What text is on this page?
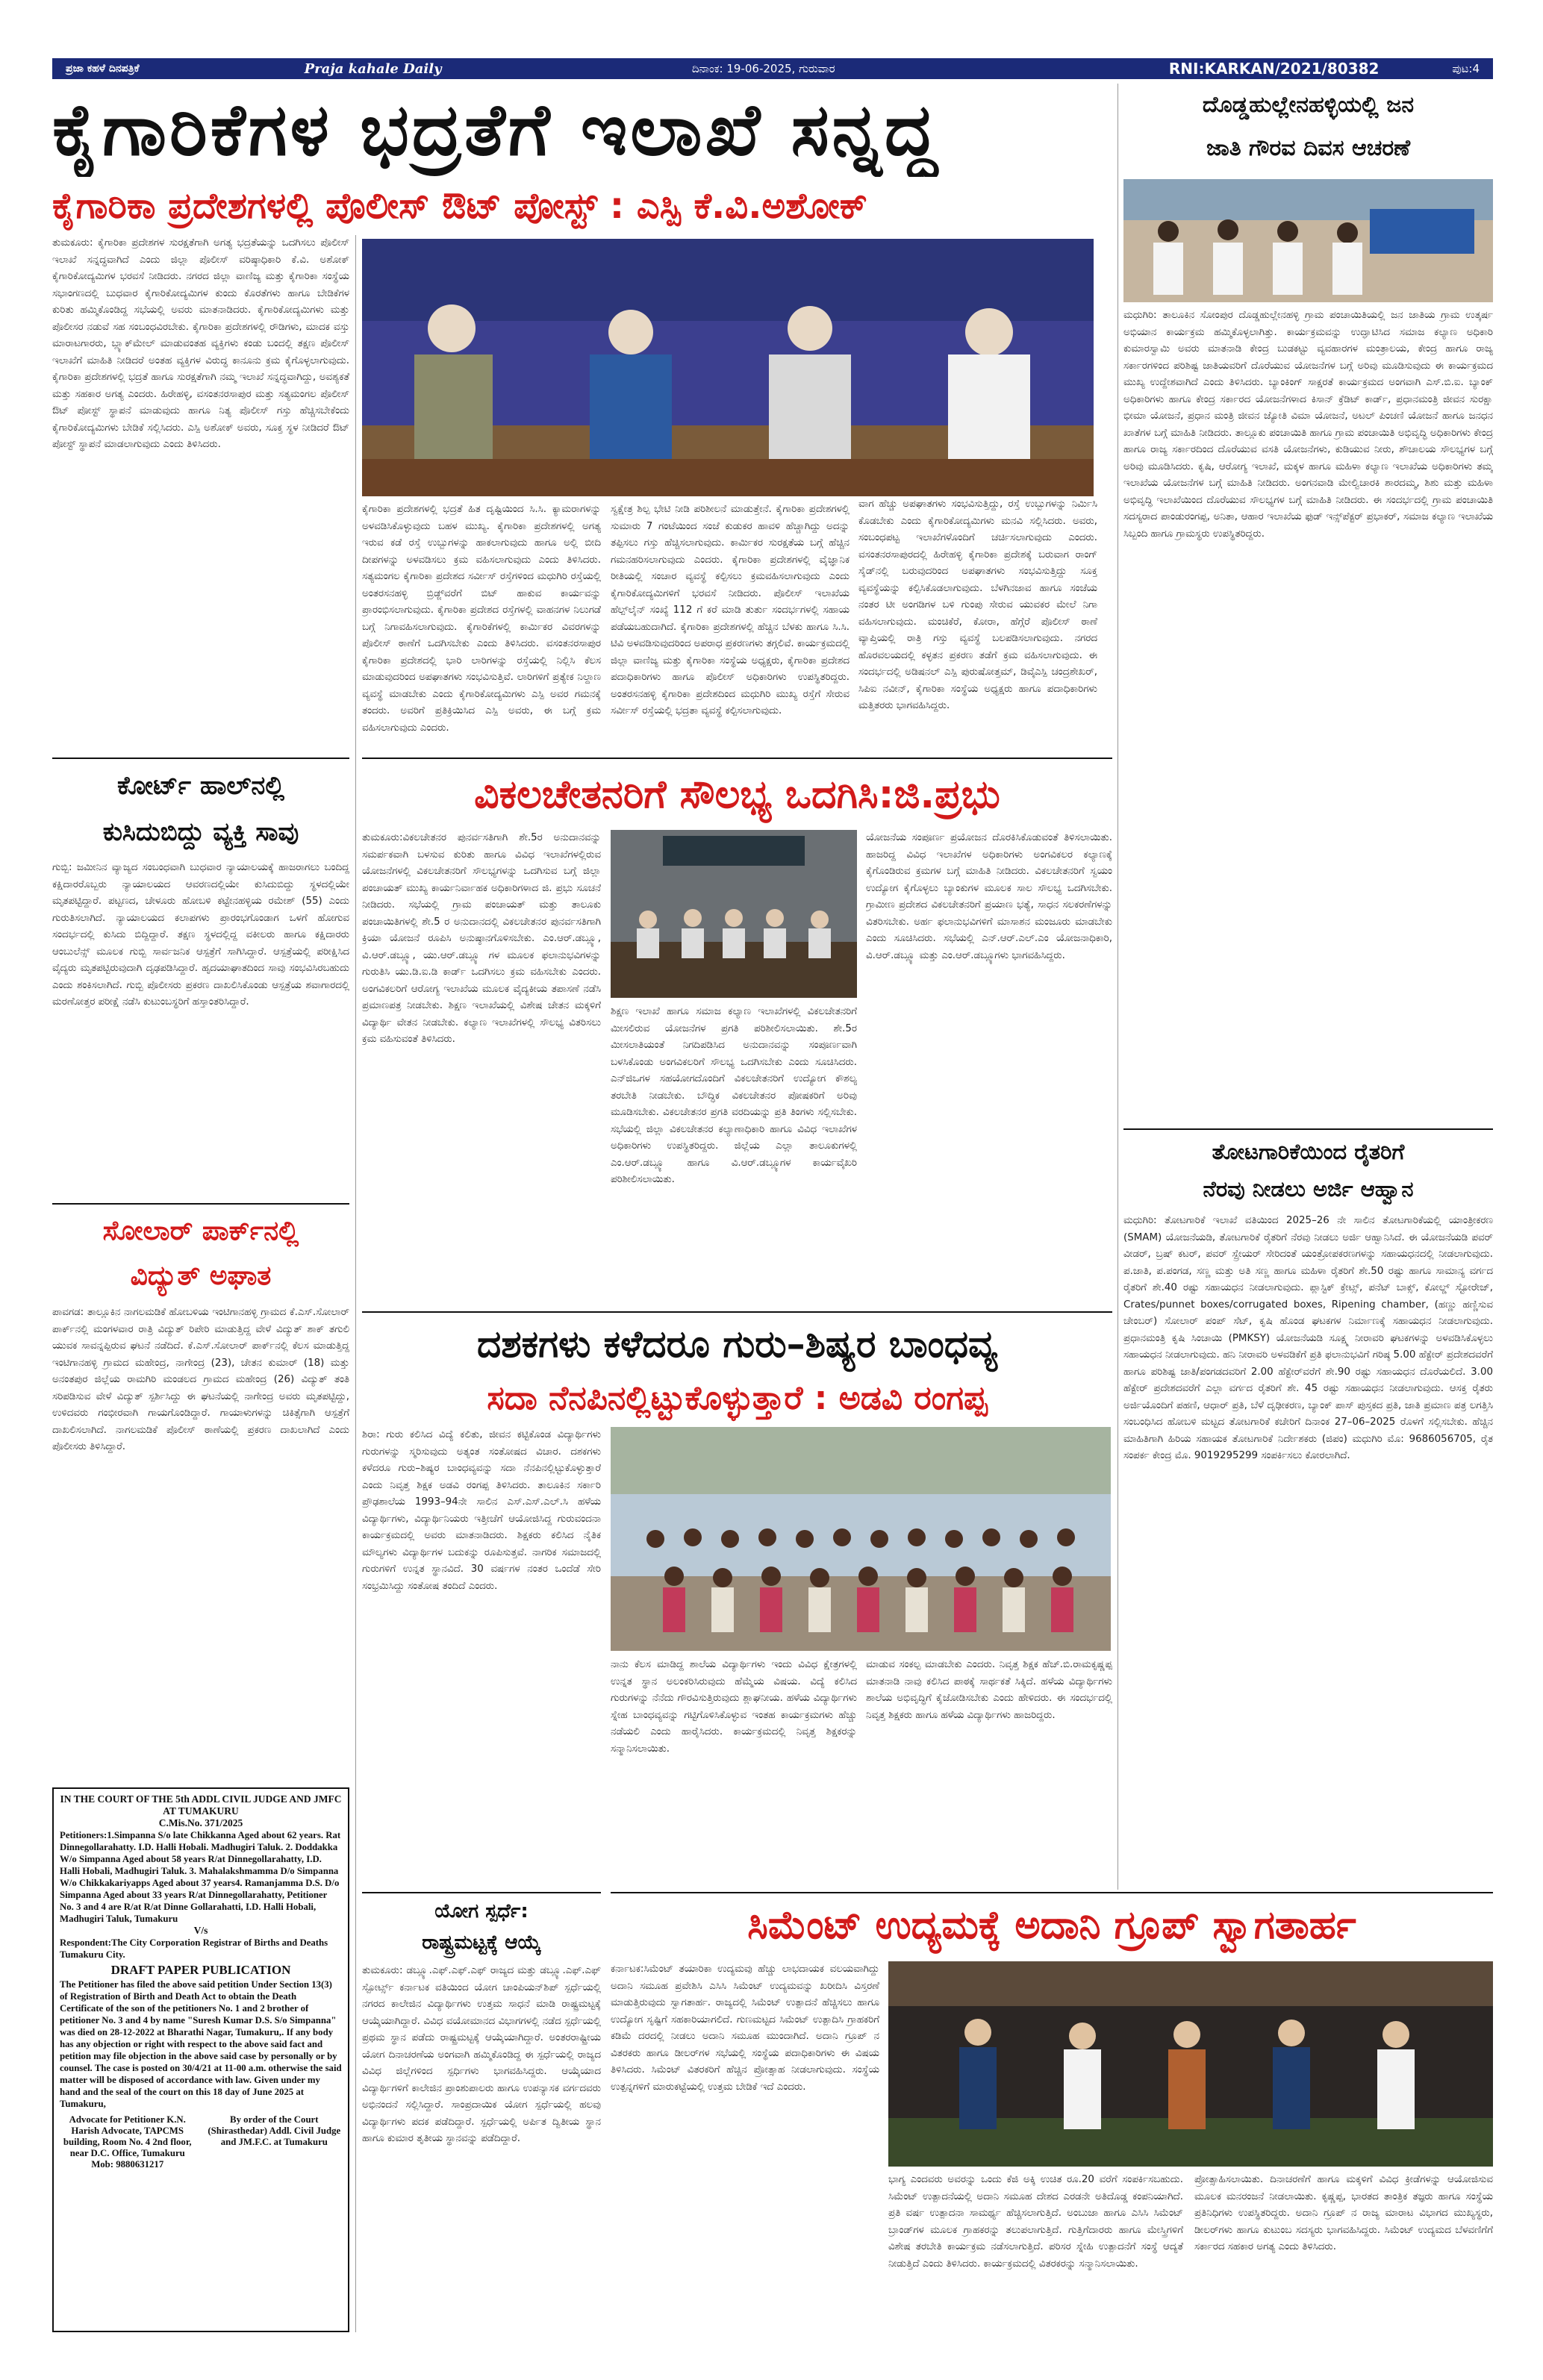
ಪ್ರಜಾ ಕಹಳೆ ದಿನಪತ್ರಿಕೆ	Praja kahale Daily	ದಿನಾಂಕ: 19-06-2025, ಗುರುವಾರ	RNI:KARKAN/2021/80382	ಪುಟ:4
ಕೈಗಾರಿಕೆಗಳ ಭದ್ರತೆಗೆ ಇಲಾಖೆ ಸನ್ನದ್ಧ
ಕೈಗಾರಿಕಾ ಪ್ರದೇಶಗಳಲ್ಲಿ ಪೊಲೀಸ್ ಔಟ್ ಪೋಸ್ಟ್ : ಎಸ್ಪಿ ಕೆ.ವಿ.ಅಶೋಕ್
ತುಮಕೂರು: ಕೈಗಾರಿಕಾ ಪ್ರದೇಶಗಳ ಸುರಕ್ಷತೆಗಾಗಿ ಅಗತ್ಯ ಭದ್ರತೆಯನ್ನು ಒದಗಿಸಲು ಪೊಲೀಸ್ ಇಲಾಖೆ ಸನ್ನದ್ಧವಾಗಿದೆ ಎಂದು ಜಿಲ್ಲಾ ಪೊಲೀಸ್ ವರಿಷ್ಠಾಧಿಕಾರಿ ಕೆ.ವಿ. ಅಶೋಕ್ ಕೈಗಾರಿಕೋದ್ಯಮಿಗಳ ಭರವಸೆ ನೀಡಿದರು. ನಗರದ ಜಿಲ್ಲಾ ವಾಣಿಜ್ಯ ಮತ್ತು ಕೈಗಾರಿಕಾ ಸಂಸ್ಥೆಯ ಸಭಾಂಗಣದಲ್ಲಿ ಬುಧವಾರ ಕೈಗಾರಿಕೋದ್ಯಮಿಗಳ ಕುಂದು ಕೊರತೆಗಳು ಹಾಗೂ ಬೇಡಿಕೆಗಳ ಕುರಿತು ಹಮ್ಮಿಕೊಂಡಿದ್ದ ಸಭೆಯಲ್ಲಿ ಅವರು ಮಾತನಾಡಿದರು. ಕೈಗಾರಿಕೋದ್ಯಮಿಗಳು ಮತ್ತು ಪೊಲೀಸರ ನಡುವೆ ಸಹ ಸಂಬಂಧವಿರಬೇಕು. ಕೈಗಾರಿಕಾ ಪ್ರದೇಶಗಳಲ್ಲಿ ರೌಡಿಗಳು, ಮಾದಕ ವಸ್ತು ಮಾರಾಟಗಾರರು, ಬ್ಲ್ಯಾಕ್‌ಮೇಲ್ ಮಾಡುವಂತಹ ವ್ಯಕ್ತಿಗಳು ಕಂಡು ಬಂದಲ್ಲಿ ತಕ್ಷಣ ಪೊಲೀಸ್ ಇಲಾಖೆಗೆ ಮಾಹಿತಿ ನೀಡಿದರೆ ಅಂತಹ ವ್ಯಕ್ತಿಗಳ ವಿರುದ್ಧ ಕಾನೂನು ಕ್ರಮ ಕೈಗೊಳ್ಳಲಾಗುವುದು. ಕೈಗಾರಿಕಾ ಪ್ರದೇಶಗಳಲ್ಲಿ ಭದ್ರತೆ ಹಾಗೂ ಸುರಕ್ಷತೆಗಾಗಿ ನಮ್ಮ ಇಲಾಖೆ ಸನ್ನದ್ಧವಾಗಿದ್ದು, ಅವಶ್ಯಕತೆ ಮತ್ತು ಸಹಕಾರ ಅಗತ್ಯ ಎಂದರು. ಹಿರೇಹಳ್ಳಿ, ವಸಂತನರಸಾಪುರ ಮತ್ತು ಸತ್ಯಮಂಗಲ ಪೊಲೀಸ್ ಔಟ್ ಪೋಸ್ಟ್ ಸ್ಥಾಪನೆ ಮಾಡುವುದು ಹಾಗೂ ನಿತ್ಯ ಪೊಲೀಸ್ ಗಸ್ತು ಹೆಚ್ಚಿಸಬೇಕೆಂದು ಕೈಗಾರಿಕೋದ್ಯಮಿಗಳು ಬೇಡಿಕೆ ಸಲ್ಲಿಸಿದರು. ಎಸ್ಪಿ ಅಶೋಕ್ ಅವರು, ಸೂಕ್ತ ಸ್ಥಳ ನೀಡಿದರೆ ಔಟ್ ಪೋಸ್ಟ್ ಸ್ಥಾಪನೆ ಮಾಡಲಾಗುವುದು ಎಂದು ತಿಳಿಸಿದರು.
ಕೈಗಾರಿಕಾ ಪ್ರದೇಶಗಳಲ್ಲಿ ಭದ್ರತೆ ಹಿತ ದೃಷ್ಟಿಯಿಂದ ಸಿ.ಸಿ. ಕ್ಯಾಮರಾಗಳನ್ನು ಅಳವಡಿಸಿಕೊಳ್ಳುವುದು ಬಹಳ ಮುಖ್ಯ. ಕೈಗಾರಿಕಾ ಪ್ರದೇಶಗಳಲ್ಲಿ ಅಗತ್ಯ ಇರುವ ಕಡೆ ರಸ್ತೆ ಉಬ್ಬುಗಳನ್ನು ಹಾಕಲಾಗುವುದು ಹಾಗೂ ಅಲ್ಲಿ ಬೀದಿ ದೀಪಗಳನ್ನು ಅಳವಡಿಸಲು ಕ್ರಮ ವಹಿಸಲಾಗುವುದು ಎಂದು ತಿಳಿಸಿದರು. ಸತ್ಯಮಂಗಲ ಕೈಗಾರಿಕಾ ಪ್ರದೇಶದ ಸರ್ವೀಸ್ ರಸ್ತೆಗಳಿಂದ ಮಧುಗಿರಿ ರಸ್ತೆಯಲ್ಲಿ ಅಂತರಸನಹಳ್ಳಿ ಬ್ರಿಡ್ಜ್‌ವರೆಗೆ ಬಿಟ್ ಹಾಕುವ ಕಾರ್ಯವನ್ನು ಪ್ರಾರಂಭಿಸಲಾಗುವುದು. ಕೈಗಾರಿಕಾ ಪ್ರದೇಶದ ರಸ್ತೆಗಳಲ್ಲಿ ವಾಹನಗಳ ನಿಲುಗಡೆ ಬಗ್ಗೆ ನಿಗಾವಹಿಸಲಾಗುವುದು. ಕೈಗಾರಿಕೆಗಳಲ್ಲಿ ಕಾರ್ಮಿಕರ ವಿವರಗಳನ್ನು ಪೊಲೀಸ್ ಠಾಣೆಗೆ ಒದಗಿಸಬೇಕು ಎಂದು ತಿಳಿಸಿದರು. ವಸಂತನರಸಾಪುರ ಕೈಗಾರಿಕಾ ಪ್ರದೇಶದಲ್ಲಿ ಭಾರಿ ಲಾರಿಗಳನ್ನು ರಸ್ತೆಯಲ್ಲಿ ನಿಲ್ಲಿಸಿ ಕೆಲಸ ಮಾಡುವುದರಿಂದ ಅಪಘಾತಗಳು ಸಂಭವಿಸುತ್ತಿವೆ. ಲಾರಿಗಳಿಗೆ ಪ್ರತ್ಯೇಕ ನಿಲ್ದಾಣ ವ್ಯವಸ್ಥೆ ಮಾಡಬೇಕು ಎಂದು ಕೈಗಾರಿಕೋದ್ಯಮಿಗಳು ಎಸ್ಪಿ ಅವರ ಗಮನಕ್ಕೆ ತಂದರು. ಅವರಿಗೆ ಪ್ರತಿಕ್ರಿಯಿಸಿದ ಎಸ್ಪಿ ಅವರು, ಈ ಬಗ್ಗೆ ಕ್ರಮ ವಹಿಸಲಾಗುವುದು ಎಂದರು.
ಸ್ವಕ್ಷೇತ್ರ ಶಿಲ್ಪ ಭೇಟಿ ನೀಡಿ ಪರಿಶೀಲನೆ ಮಾಡುತ್ತೇನೆ. ಕೈಗಾರಿಕಾ ಪ್ರದೇಶಗಳಲ್ಲಿ ಸುಮಾರು 7 ಗಂಟೆಯಿಂದ ಸಂಜೆ ಕುಡುಕರ ಹಾವಳಿ ಹೆಚ್ಚಾಗಿದ್ದು ಅದನ್ನು ತಪ್ಪಿಸಲು ಗಸ್ತು ಹೆಚ್ಚಿಸಲಾಗುವುದು. ಕಾರ್ಮಿಕರ ಸುರಕ್ಷತೆಯ ಬಗ್ಗೆ ಹೆಚ್ಚಿನ ಗಮನಹರಿಸಲಾಗುವುದು ಎಂದರು. ಕೈಗಾರಿಕಾ ಪ್ರದೇಶಗಳಲ್ಲಿ ವೈಜ್ಞಾನಿಕ ರೀತಿಯಲ್ಲಿ ಸಂಚಾರ ವ್ಯವಸ್ಥೆ ಕಲ್ಪಿಸಲು ಕ್ರಮವಹಿಸಲಾಗುವುದು ಎಂದು ಕೈಗಾರಿಕೋದ್ಯಮಿಗಳಿಗೆ ಭರವಸೆ ನೀಡಿದರು. ಪೊಲೀಸ್ ಇಲಾಖೆಯ ಹೆಲ್ಪ್‌ಲೈನ್ ಸಂಖ್ಯೆ 112 ಗೆ ಕರೆ ಮಾಡಿ ತುರ್ತು ಸಂದರ್ಭಗಳಲ್ಲಿ ಸಹಾಯ ಪಡೆಯಬಹುದಾಗಿದೆ. ಕೈಗಾರಿಕಾ ಪ್ರದೇಶಗಳಲ್ಲಿ ಹೆಚ್ಚಿನ ಬೆಳಕು ಹಾಗೂ ಸಿ.ಸಿ. ಟಿವಿ ಅಳವಡಿಸುವುದರಿಂದ ಅಪರಾಧ ಪ್ರಕರಣಗಳು ತಗ್ಗಲಿವೆ. ಕಾರ್ಯಕ್ರಮದಲ್ಲಿ ಜಿಲ್ಲಾ ವಾಣಿಜ್ಯ ಮತ್ತು ಕೈಗಾರಿಕಾ ಸಂಸ್ಥೆಯ ಅಧ್ಯಕ್ಷರು, ಕೈಗಾರಿಕಾ ಪ್ರದೇಶದ ಪದಾಧಿಕಾರಿಗಳು ಹಾಗೂ ಪೊಲೀಸ್ ಅಧಿಕಾರಿಗಳು ಉಪಸ್ಥಿತರಿದ್ದರು. ಅಂತರಸನಹಳ್ಳಿ ಕೈಗಾರಿಕಾ ಪ್ರದೇಶದಿಂದ ಮಧುಗಿರಿ ಮುಖ್ಯ ರಸ್ತೆಗೆ ಸೇರುವ ಸರ್ವೀಸ್ ರಸ್ತೆಯಲ್ಲಿ ಭದ್ರತಾ ವ್ಯವಸ್ಥೆ ಕಲ್ಪಿಸಲಾಗುವುದು.
ವಾಗ ಹೆಚ್ಚು ಅಪಘಾತಗಳು ಸಂಭವಿಸುತ್ತಿದ್ದು, ರಸ್ತೆ ಉಬ್ಬುಗಳನ್ನು ನಿರ್ಮಿಸಿ ಕೊಡಬೇಕು ಎಂದು ಕೈಗಾರಿಕೋದ್ಯಮಿಗಳು ಮನವಿ ಸಲ್ಲಿಸಿದರು. ಅವರು, ಸಂಬಂಧಪಟ್ಟ ಇಲಾಖೆಗಳೊಂದಿಗೆ ಚರ್ಚಿಸಲಾಗುವುದು ಎಂದರು. ವಸಂತನರಸಾಪುರದಲ್ಲಿ ಹಿರೇಹಳ್ಳಿ ಕೈಗಾರಿಕಾ ಪ್ರದೇಶಕ್ಕೆ ಬರುವಾಗ ರಾಂಗ್ ಸೈಡ್‌ನಲ್ಲಿ ಬರುವುದರಿಂದ ಅಪಘಾತಗಳು ಸಂಭವಿಸುತ್ತಿದ್ದು ಸೂಕ್ತ ವ್ಯವಸ್ಥೆಯನ್ನು ಕಲ್ಪಿಸಿಕೊಡಲಾಗುವುದು. ಬೆಳಗಿನಜಾವ ಹಾಗೂ ಸಂಜೆಯ ನಂತರ ಟೀ ಅಂಗಡಿಗಳ ಬಳಿ ಗುಂಪು ಸೇರುವ ಯುವಕರ ಮೇಲೆ ನಿಗಾ ವಹಿಸಲಾಗುವುದು. ಮಂಚಿಕೆರೆ, ಕೋರಾ, ಹೆಗ್ಗೆರೆ ಪೊಲೀಸ್ ಠಾಣೆ ವ್ಯಾಪ್ತಿಯಲ್ಲಿ ರಾತ್ರಿ ಗಸ್ತು ವ್ಯವಸ್ಥೆ ಬಲಪಡಿಸಲಾಗುವುದು. ನಗರದ ಹೊರವಲಯದಲ್ಲಿ ಕಳ್ಳತನ ಪ್ರಕರಣ ತಡೆಗೆ ಕ್ರಮ ವಹಿಸಲಾಗುವುದು. ಈ ಸಂದರ್ಭದಲ್ಲಿ ಅಡಿಷನಲ್ ಎಸ್ಪಿ ಪುರುಷೋತ್ತಮ್, ಡಿವೈಎಸ್ಪಿ ಚಂದ್ರಶೇಖರ್, ಸಿಪಿಐ ನವೀನ್, ಕೈಗಾರಿಕಾ ಸಂಸ್ಥೆಯ ಅಧ್ಯಕ್ಷರು ಹಾಗೂ ಪದಾಧಿಕಾರಿಗಳು ಮತ್ತಿತರರು ಭಾಗವಹಿಸಿದ್ದರು.
ದೊಡ್ಡಹುಲ್ಲೇನಹಳ್ಳಿಯಲ್ಲಿ ಜನ
ಜಾತಿ ಗೌರವ ದಿವಸ ಆಚರಣೆ
ಮಧುಗಿರಿ: ತಾಲೂಕಿನ ಸೋಂಪುರ ದೊಡ್ಡಹುಲ್ಲೇನಹಳ್ಳಿ ಗ್ರಾಮ ಪಂಚಾಯಿತಿಯಲ್ಲಿ ಜನ ಜಾತಿಯ ಗ್ರಾಮ ಉತ್ಕರ್ಷ ಅಭಿಯಾನ ಕಾರ್ಯಕ್ರಮ ಹಮ್ಮಿಕೊಳ್ಳಲಾಗಿತ್ತು. ಕಾರ್ಯಕ್ರಮವನ್ನು ಉದ್ಘಾಟಿಸಿದ ಸಮಾಜ ಕಲ್ಯಾಣ ಅಧಿಕಾರಿ ಕುಮಾರಸ್ವಾಮಿ ಅವರು ಮಾತನಾಡಿ ಕೇಂದ್ರ ಬುಡಕಟ್ಟು ವ್ಯವಹಾರಗಳ ಮಂತ್ರಾಲಯ, ಕೇಂದ್ರ ಹಾಗೂ ರಾಜ್ಯ ಸರ್ಕಾರಗಳಿಂದ ಪರಿಶಿಷ್ಟ ಜಾತಿಯವರಿಗೆ ದೊರೆಯುವ ಯೋಜನೆಗಳ ಬಗ್ಗೆ ಅರಿವು ಮೂಡಿಸುವುದು ಈ ಕಾರ್ಯಕ್ರಮದ ಮುಖ್ಯ ಉದ್ದೇಶವಾಗಿದೆ ಎಂದು ತಿಳಿಸಿದರು. ಬ್ಯಾಂಕಿಂಗ್ ಸಾಕ್ಷರತೆ ಕಾರ್ಯಕ್ರಮದ ಅಂಗವಾಗಿ ಎಸ್.ಬಿ.ಐ. ಬ್ಯಾಂಕ್ ಅಧಿಕಾರಿಗಳು ಹಾಗೂ ಕೇಂದ್ರ ಸರ್ಕಾರದ ಯೋಜನೆಗಳಾದ ಕಿಸಾನ್ ಕ್ರೆಡಿಟ್ ಕಾರ್ಡ್, ಪ್ರಧಾನಮಂತ್ರಿ ಜೀವನ ಸುರಕ್ಷಾ ಭೀಮಾ ಯೋಜನೆ, ಪ್ರಧಾನ ಮಂತ್ರಿ ಜೀವನ ಜ್ಯೋತಿ ವಿಮಾ ಯೋಜನೆ, ಅಟಲ್ ಪಿಂಚಣಿ ಯೋಜನೆ ಹಾಗೂ ಜನಧನ ಖಾತೆಗಳ ಬಗ್ಗೆ ಮಾಹಿತಿ ನೀಡಿದರು. ತಾಲ್ಲೂಕು ಪಂಚಾಯಿತಿ ಹಾಗೂ ಗ್ರಾಮ ಪಂಚಾಯಿತಿ ಅಭಿವೃದ್ಧಿ ಅಧಿಕಾರಿಗಳು ಕೇಂದ್ರ ಹಾಗೂ ರಾಜ್ಯ ಸರ್ಕಾರದಿಂದ ದೊರೆಯುವ ವಸತಿ ಯೋಜನೆಗಳು, ಕುಡಿಯುವ ನೀರು, ಶೌಚಾಲಯ ಸೌಲಭ್ಯಗಳ ಬಗ್ಗೆ ಅರಿವು ಮೂಡಿಸಿದರು. ಕೃಷಿ, ಆರೋಗ್ಯ ಇಲಾಖೆ, ಮಕ್ಕಳ ಹಾಗೂ ಮಹಿಳಾ ಕಲ್ಯಾಣ ಇಲಾಖೆಯ ಅಧಿಕಾರಿಗಳು ತಮ್ಮ ಇಲಾಖೆಯ ಯೋಜನೆಗಳ ಬಗ್ಗೆ ಮಾಹಿತಿ ನೀಡಿದರು. ಅಂಗನವಾಡಿ ಮೇಲ್ವಿಚಾರಕಿ ಶಾರದಮ್ಮ, ಶಿಶು ಮತ್ತು ಮಹಿಳಾ ಅಭಿವೃದ್ಧಿ ಇಲಾಖೆಯಿಂದ ದೊರೆಯುವ ಸೌಲಭ್ಯಗಳ ಬಗ್ಗೆ ಮಾಹಿತಿ ನೀಡಿದರು. ಈ ಸಂದರ್ಭದಲ್ಲಿ ಗ್ರಾಮ ಪಂಚಾಯಿತಿ ಸದಸ್ಯರಾದ ಪಾಂಡುರಂಗಪ್ಪ, ಅನಿತಾ, ಆಹಾರ ಇಲಾಖೆಯ ಫುಡ್ ಇನ್ಸ್‌ಪೆಕ್ಟರ್ ಪ್ರಭಾಕರ್, ಸಮಾಜ ಕಲ್ಯಾಣ ಇಲಾಖೆಯ ಸಿಬ್ಬಂದಿ ಹಾಗೂ ಗ್ರಾಮಸ್ಥರು ಉಪಸ್ಥಿತರಿದ್ದರು.
ತೋಟಗಾರಿಕೆಯಿಂದ ರೈತರಿಗೆ
ನೆರವು ನೀಡಲು ಅರ್ಜಿ ಆಹ್ವಾನ
ಮಧುಗಿರಿ: ತೋಟಗಾರಿಕೆ ಇಲಾಖೆ ವತಿಯಿಂದ 2025–26 ನೇ ಸಾಲಿನ ತೋಟಗಾರಿಕೆಯಲ್ಲಿ ಯಾಂತ್ರೀಕರಣ (SMAM) ಯೋಜನೆಯಡಿ, ತೋಟಗಾರಿಕೆ ರೈತರಿಗೆ ನೆರವು ನೀಡಲು ಅರ್ಜಿ ಆಹ್ವಾನಿಸಿದೆ. ಈ ಯೋಜನೆಯಡಿ ಪವರ್ ವೀಡರ್, ಬ್ರಷ್ ಕಟರ್, ಪವರ್ ಸ್ಪ್ರೇಯರ್ ಸೇರಿದಂತೆ ಯಂತ್ರೋಪಕರಣಗಳನ್ನು ಸಹಾಯಧನದಲ್ಲಿ ನೀಡಲಾಗುವುದು. ಪ.ಜಾತಿ, ಪ.ಪಂಗಡ, ಸಣ್ಣ ಮತ್ತು ಅತಿ ಸಣ್ಣ ಹಾಗೂ ಮಹಿಳಾ ರೈತರಿಗೆ ಶೇ.50 ರಷ್ಟು ಹಾಗೂ ಸಾಮಾನ್ಯ ವರ್ಗದ ರೈತರಿಗೆ ಶೇ.40 ರಷ್ಟು ಸಹಾಯಧನ ನೀಡಲಾಗುವುದು. ಪ್ಲಾಸ್ಟಿಕ್ ಕ್ರೇಟ್ಸ್, ಪನೆಟ್ ಬಾಕ್ಸ್, ಕೋಲ್ಡ್ ಸ್ಟೋರೇಜ್, Crates/punnet boxes/corrugated boxes, Ripening chamber, (ಹಣ್ಣು ಹಣ್ಣಿಸುವ ಚೇಂಬರ್) ಸೋಲಾರ್ ಪಂಪ್ ಸೆಟ್, ಕೃಷಿ ಹೊಂಡ ಘಟಕಗಳ ನಿರ್ಮಾಣಕ್ಕೆ ಸಹಾಯಧನ ನೀಡಲಾಗುವುದು. ಪ್ರಧಾನಮಂತ್ರಿ ಕೃಷಿ ಸಿಂಚಾಯಿ (PMKSY) ಯೋಜನೆಯಡಿ ಸೂಕ್ಷ್ಮ ನೀರಾವರಿ ಘಟಕಗಳನ್ನು ಅಳವಡಿಸಿಕೊಳ್ಳಲು ಸಹಾಯಧನ ನೀಡಲಾಗುವುದು. ಹನಿ ನೀರಾವರಿ ಅಳವಡಿಕೆಗೆ ಪ್ರತಿ ಫಲಾನುಭವಿಗೆ ಗರಿಷ್ಠ 5.00 ಹೆಕ್ಟೇರ್ ಪ್ರದೇಶದವರೆಗೆ ಹಾಗೂ ಪರಿಶಿಷ್ಟ ಜಾತಿ/ಪಂಗಡದವರಿಗೆ 2.00 ಹೆಕ್ಟೇರ್‌ವರೆಗೆ ಶೇ.90 ರಷ್ಟು ಸಹಾಯಧನ ದೊರೆಯಲಿದೆ. 3.00 ಹೆಕ್ಟೇರ್ ಪ್ರದೇಶದವರೆಗೆ ಎಲ್ಲಾ ವರ್ಗದ ರೈತರಿಗೆ ಶೇ. 45 ರಷ್ಟು ಸಹಾಯಧನ ನೀಡಲಾಗುವುದು. ಆಸಕ್ತ ರೈತರು ಅರ್ಜಿಯೊಂದಿಗೆ ಪಹಣಿ, ಆಧಾರ್ ಪ್ರತಿ, ಬೆಳೆ ದೃಢೀಕರಣ, ಬ್ಯಾಂಕ್ ಪಾಸ್ ಪುಸ್ತಕದ ಪ್ರತಿ, ಜಾತಿ ಪ್ರಮಾಣ ಪತ್ರ ಲಗತ್ತಿಸಿ ಸಂಬಂಧಿಸಿದ ಹೋಬಳಿ ಮಟ್ಟದ ತೋಟಗಾರಿಕೆ ಕಚೇರಿಗೆ ದಿನಾಂಕ 27–06–2025 ರೊಳಗೆ ಸಲ್ಲಿಸಬೇಕು. ಹೆಚ್ಚಿನ ಮಾಹಿತಿಗಾಗಿ ಹಿರಿಯ ಸಹಾಯಕ ತೋಟಗಾರಿಕೆ ನಿರ್ದೇಶಕರು (ಜಿಪಂ) ಮಧುಗಿರಿ ಮೊ: 9686056705, ರೈತ ಸಂಪರ್ಕ ಕೇಂದ್ರ ಮೊ. 9019295299 ಸಂಪರ್ಕಿಸಲು ಕೋರಲಾಗಿದೆ.
ಕೋರ್ಟ್ ಹಾಲ್‌ನಲ್ಲಿ
ಕುಸಿದುಬಿದ್ದು ವ್ಯಕ್ತಿ ಸಾವು
ಗುಬ್ಬಿ: ಜಮೀನಿನ ವ್ಯಾಜ್ಯದ ಸಂಬಂಧವಾಗಿ ಬುಧವಾರ ನ್ಯಾಯಾಲಯಕ್ಕೆ ಹಾಜರಾಗಲು ಬಂದಿದ್ದ ಕಕ್ಷಿದಾರರೊಬ್ಬರು ನ್ಯಾಯಾಲಯದ ಆವರಣದಲ್ಲಿಯೇ ಕುಸಿದುಬಿದ್ದು ಸ್ಥಳದಲ್ಲಿಯೇ ಮೃತಪಟ್ಟಿದ್ದಾರೆ. ಪಟ್ಟಣದ, ಚೇಳೂರು ಹೋಬಳಿ ಕಟ್ಟೇನಹಳ್ಳಿಯ ರಮೇಶ್ (55) ಎಂದು ಗುರುತಿಸಲಾಗಿದೆ. ನ್ಯಾಯಾಲಯದ ಕಲಾಪಗಳು ಪ್ರಾರಂಭಗೊಂಡಾಗ ಒಳಗೆ ಹೋಗುವ ಸಂದರ್ಭದಲ್ಲಿ ಕುಸಿದು ಬಿದ್ದಿದ್ದಾರೆ. ತಕ್ಷಣ ಸ್ಥಳದಲ್ಲಿದ್ದ ವಕೀಲರು ಹಾಗೂ ಕಕ್ಷಿದಾರರು ಆಂಬುಲೆನ್ಸ್ ಮೂಲಕ ಗುಬ್ಬಿ ಸಾರ್ವಜನಿಕ ಆಸ್ಪತ್ರೆಗೆ ಸಾಗಿಸಿದ್ದಾರೆ. ಆಸ್ಪತ್ರೆಯಲ್ಲಿ ಪರೀಕ್ಷಿಸಿದ ವೈದ್ಯರು ಮೃತಪಟ್ಟಿರುವುದಾಗಿ ದೃಢಪಡಿಸಿದ್ದಾರೆ. ಹೃದಯಾಘಾತದಿಂದ ಸಾವು ಸಂಭವಿಸಿರಬಹುದು ಎಂದು ಶಂಕಿಸಲಾಗಿದೆ. ಗುಬ್ಬಿ ಪೊಲೀಸರು ಪ್ರಕರಣ ದಾಖಲಿಸಿಕೊಂಡು ಆಸ್ಪತ್ರೆಯ ಶವಾಗಾರದಲ್ಲಿ ಮರಣೋತ್ತರ ಪರೀಕ್ಷೆ ನಡೆಸಿ ಕುಟುಂಬಸ್ಥರಿಗೆ ಹಸ್ತಾಂತರಿಸಿದ್ದಾರೆ.
ವಿಕಲಚೇತನರಿಗೆ ಸೌಲಭ್ಯ ಒದಗಿಸಿ:ಜಿ.ಪ್ರಭು
ತುಮಕೂರು:ವಿಕಲಚೇತನರ ಪುನರ್ವಸತಿಗಾಗಿ ಶೇ.5ರ ಅನುದಾನವನ್ನು ಸಮರ್ಪಕವಾಗಿ ಬಳಸುವ ಕುರಿತು ಹಾಗೂ ವಿವಿಧ ಇಲಾಖೆಗಳಲ್ಲಿರುವ ಯೋಜನೆಗಳಲ್ಲಿ ವಿಕಲಚೇತನರಿಗೆ ಸೌಲಭ್ಯಗಳನ್ನು ಒದಗಿಸುವ ಬಗ್ಗೆ ಜಿಲ್ಲಾ ಪಂಚಾಯತ್ ಮುಖ್ಯ ಕಾರ್ಯನಿರ್ವಾಹಕ ಅಧಿಕಾರಿಗಳಾದ ಜಿ. ಪ್ರಭು ಸೂಚನೆ ನೀಡಿದರು. ಸಭೆಯಲ್ಲಿ ಗ್ರಾಮ ಪಂಚಾಯತ್ ಮತ್ತು ತಾಲೂಕು ಪಂಚಾಯಿತಿಗಳಲ್ಲಿ ಶೇ.5 ರ ಅನುದಾನದಲ್ಲಿ ವಿಕಲಚೇತನರ ಪುನರ್ವಸತಿಗಾಗಿ ಕ್ರಿಯಾ ಯೋಜನೆ ರೂಪಿಸಿ ಅನುಷ್ಠಾನಗೊಳಿಸಬೇಕು. ಎಂ.ಆರ್.ಡಬ್ಲ್ಯೂ, ವಿ.ಆರ್.ಡಬ್ಲ್ಯೂ, ಯು.ಆರ್.ಡಬ್ಲ್ಯೂ ಗಳ ಮೂಲಕ ಫಲಾನುಭವಿಗಳನ್ನು ಗುರುತಿಸಿ ಯು.ಡಿ.ಐ.ಡಿ ಕಾರ್ಡ್ ಒದಗಿಸಲು ಕ್ರಮ ವಹಿಸಬೇಕು ಎಂದರು. ಅಂಗವಿಕಲರಿಗೆ ಆರೋಗ್ಯ ಇಲಾಖೆಯ ಮೂಲಕ ವೈದ್ಯಕೀಯ ತಪಾಸಣೆ ನಡೆಸಿ ಪ್ರಮಾಣಪತ್ರ ನೀಡಬೇಕು. ಶಿಕ್ಷಣ ಇಲಾಖೆಯಲ್ಲಿ ವಿಶೇಷ ಚೇತನ ಮಕ್ಕಳಿಗೆ ವಿದ್ಯಾರ್ಥಿ ವೇತನ ನೀಡಬೇಕು. ಕಲ್ಯಾಣ ಇಲಾಖೆಗಳಲ್ಲಿ ಸೌಲಭ್ಯ ವಿತರಿಸಲು ಕ್ರಮ ವಹಿಸುವಂತೆ ತಿಳಿಸಿದರು.
ಶಿಕ್ಷಣ ಇಲಾಖೆ ಹಾಗೂ ಸಮಾಜ ಕಲ್ಯಾಣ ಇಲಾಖೆಗಳಲ್ಲಿ ವಿಕಲಚೇತನರಿಗೆ ಮೀಸಲಿರುವ ಯೋಜನೆಗಳ ಪ್ರಗತಿ ಪರಿಶೀಲಿಸಲಾಯಿತು. ಶೇ.5ರ ಮೀಸಲಾತಿಯಂತೆ ನಿಗದಿಪಡಿಸಿದ ಅನುದಾನವನ್ನು ಸಂಪೂರ್ಣವಾಗಿ ಬಳಸಿಕೊಂಡು ಅಂಗವಿಕಲರಿಗೆ ಸೌಲಭ್ಯ ಒದಗಿಸಬೇಕು ಎಂದು ಸೂಚಿಸಿದರು. ಎನ್‌ಜಿಒಗಳ ಸಹಯೋಗದೊಂದಿಗೆ ವಿಕಲಚೇತನರಿಗೆ ಉದ್ಯೋಗ ಕೌಶಲ್ಯ ತರಬೇತಿ ನೀಡಬೇಕು. ಬೌದ್ಧಿಕ ವಿಕಲಚೇತನರ ಪೋಷಕರಿಗೆ ಅರಿವು ಮೂಡಿಸಬೇಕು. ವಿಕಲಚೇತನರ ಪ್ರಗತಿ ವರದಿಯನ್ನು ಪ್ರತಿ ತಿಂಗಳು ಸಲ್ಲಿಸಬೇಕು. ಸಭೆಯಲ್ಲಿ ಜಿಲ್ಲಾ ವಿಕಲಚೇತನರ ಕಲ್ಯಾಣಾಧಿಕಾರಿ ಹಾಗೂ ವಿವಿಧ ಇಲಾಖೆಗಳ ಅಧಿಕಾರಿಗಳು ಉಪಸ್ಥಿತರಿದ್ದರು. ಜಿಲ್ಲೆಯ ಎಲ್ಲಾ ತಾಲೂಕುಗಳಲ್ಲಿ ಎಂ.ಆರ್.ಡಬ್ಲ್ಯೂ ಹಾಗೂ ವಿ.ಆರ್.ಡಬ್ಲ್ಯೂಗಳ ಕಾರ್ಯವೈಖರಿ ಪರಿಶೀಲಿಸಲಾಯಿತು.
ಯೋಜನೆಯ ಸಂಪೂರ್ಣ ಪ್ರಯೋಜನ ದೊರಕಿಸಿಕೊಡುವಂತೆ ತಿಳಿಸಲಾಯಿತು. ಹಾಜರಿದ್ದ ವಿವಿಧ ಇಲಾಖೆಗಳ ಅಧಿಕಾರಿಗಳು ಅಂಗವಿಕಲರ ಕಲ್ಯಾಣಕ್ಕೆ ಕೈಗೊಂಡಿರುವ ಕ್ರಮಗಳ ಬಗ್ಗೆ ಮಾಹಿತಿ ನೀಡಿದರು. ವಿಕಲಚೇತನರಿಗೆ ಸ್ವಯಂ ಉದ್ಯೋಗ ಕೈಗೊಳ್ಳಲು ಬ್ಯಾಂಕುಗಳ ಮೂಲಕ ಸಾಲ ಸೌಲಭ್ಯ ಒದಗಿಸಬೇಕು. ಗ್ರಾಮೀಣ ಪ್ರದೇಶದ ವಿಕಲಚೇತನರಿಗೆ ಪ್ರಯಾಣ ಭತ್ಯೆ, ಸಾಧನ ಸಲಕರಣೆಗಳನ್ನು ವಿತರಿಸಬೇಕು. ಅರ್ಹ ಫಲಾನುಭವಿಗಳಿಗೆ ಮಾಸಾಶನ ಮಂಜೂರು ಮಾಡಬೇಕು ಎಂದು ಸೂಚಿಸಿದರು. ಸಭೆಯಲ್ಲಿ ಎನ್‌.ಆರ್‌.ಎಲ್‌.ಎಂ ಯೋಜನಾಧಿಕಾರಿ, ವಿ.ಆರ್‌.ಡಬ್ಲ್ಯೂ ಮತ್ತು ಎಂ.ಆರ್‌.ಡಬ್ಲ್ಯೂಗಳು ಭಾಗವಹಿಸಿದ್ದರು.
ದಶಕಗಳು ಕಳೆದರೂ ಗುರು–ಶಿಷ್ಯರ ಬಾಂಧವ್ಯ
ಸದಾ ನೆನಪಿನಲ್ಲಿಟ್ಟುಕೊಳ್ಳುತ್ತಾರೆ : ಅಡವಿ ರಂಗಪ್ಪ
ಶಿರಾ: ಗುರು ಕಲಿಸಿದ ವಿದ್ಯೆ ಕಲಿತು, ಜೀವನ ಕಟ್ಟಿಕೊಂಡ ವಿದ್ಯಾರ್ಥಿಗಳು ಗುರುಗಳನ್ನು ಸ್ಮರಿಸುವುದು ಅತ್ಯಂತ ಸಂತೋಷದ ವಿಚಾರ. ದಶಕಗಳು ಕಳೆದರೂ ಗುರು–ಶಿಷ್ಯರ ಬಾಂಧವ್ಯವನ್ನು ಸದಾ ನೆನಪಿನಲ್ಲಿಟ್ಟುಕೊಳ್ಳುತ್ತಾರೆ ಎಂದು ನಿವೃತ್ತ ಶಿಕ್ಷಕ ಅಡವಿ ರಂಗಪ್ಪ ತಿಳಿಸಿದರು. ತಾಲೂಕಿನ ಸರ್ಕಾರಿ ಪ್ರೌಢಶಾಲೆಯ 1993–94ನೇ ಸಾಲಿನ ಎಸ್.ಎಸ್.ಎಲ್.ಸಿ ಹಳೆಯ ವಿದ್ಯಾರ್ಥಿಗಳು, ವಿದ್ಯಾರ್ಥಿನಿಯರು ಇತ್ತೀಚೆಗೆ ಆಯೋಜಿಸಿದ್ದ ಗುರುವಂದನಾ ಕಾರ್ಯಕ್ರಮದಲ್ಲಿ ಅವರು ಮಾತನಾಡಿದರು. ಶಿಕ್ಷಕರು ಕಲಿಸಿದ ನೈತಿಕ ಮೌಲ್ಯಗಳು ವಿದ್ಯಾರ್ಥಿಗಳ ಬದುಕನ್ನು ರೂಪಿಸುತ್ತವೆ. ನಾಗರಿಕ ಸಮಾಜದಲ್ಲಿ ಗುರುಗಳಿಗೆ ಉನ್ನತ ಸ್ಥಾನವಿದೆ. 30 ವರ್ಷಗಳ ನಂತರ ಒಂದೆಡೆ ಸೇರಿ ಸಂಭ್ರಮಿಸಿದ್ದು ಸಂತೋಷ ತಂದಿದೆ ಎಂದರು.
ನಾನು ಕೆಲಸ ಮಾಡಿದ್ದ ಶಾಲೆಯ ವಿದ್ಯಾರ್ಥಿಗಳು ಇಂದು ವಿವಿಧ ಕ್ಷೇತ್ರಗಳಲ್ಲಿ ಉನ್ನತ ಸ್ಥಾನ ಅಲಂಕರಿಸಿರುವುದು ಹೆಮ್ಮೆಯ ವಿಷಯ. ವಿದ್ಯೆ ಕಲಿಸಿದ ಗುರುಗಳನ್ನು ನೆನೆದು ಗೌರವಿಸುತ್ತಿರುವುದು ಶ್ಲಾಘನೀಯ. ಹಳೆಯ ವಿದ್ಯಾರ್ಥಿಗಳು ಸ್ನೇಹ ಬಾಂಧವ್ಯವನ್ನು ಗಟ್ಟಿಗೊಳಿಸಿಕೊಳ್ಳುವ ಇಂತಹ ಕಾರ್ಯಕ್ರಮಗಳು ಹೆಚ್ಚು ನಡೆಯಲಿ ಎಂದು ಹಾರೈಸಿದರು. ಕಾರ್ಯಕ್ರಮದಲ್ಲಿ ನಿವೃತ್ತ ಶಿಕ್ಷಕರನ್ನು ಸನ್ಮಾನಿಸಲಾಯಿತು.
ಮಾಡುವ ಸಂಕಲ್ಪ ಮಾಡಬೇಕು ಎಂದರು. ನಿವೃತ್ತ ಶಿಕ್ಷಕ ಹೆಚ್.ಬಿ.ರಾಮಕೃಷ್ಣಪ್ಪ ಮಾತನಾಡಿ ನಾವು ಕಲಿಸಿದ ಪಾಠಕ್ಕೆ ಸಾರ್ಥಕತೆ ಸಿಕ್ಕಿದೆ. ಹಳೆಯ ವಿದ್ಯಾರ್ಥಿಗಳು ಶಾಲೆಯ ಅಭಿವೃದ್ಧಿಗೆ ಕೈಜೋಡಿಸಬೇಕು ಎಂದು ಹೇಳಿದರು. ಈ ಸಂದರ್ಭದಲ್ಲಿ ನಿವೃತ್ತ ಶಿಕ್ಷಕರು ಹಾಗೂ ಹಳೆಯ ವಿದ್ಯಾರ್ಥಿಗಳು ಹಾಜರಿದ್ದರು.
ಯೋಗ ಸ್ಪರ್ಧೆ:
ರಾಷ್ಟ್ರಮಟ್ಟಕ್ಕೆ ಆಯ್ಕೆ
ತುಮಕೂರು: ಡಬ್ಲ್ಯೂ.ಎಫ್.ಎಫ್.ಎಫ್ ರಾಜ್ಯದ ಮತ್ತು ಡಬ್ಲ್ಯೂ.ಎಫ್.ಎಫ್ ಸ್ಪೋರ್ಟ್ಸ್ ಕರ್ನಾಟಕ ವತಿಯಿಂದ ಯೋಗ ಚಾಂಪಿಯನ್‌ಶಿಪ್ ಸ್ಪರ್ಧೆಯಲ್ಲಿ ನಗರದ ಕಾಲೇಜಿನ ವಿದ್ಯಾರ್ಥಿಗಳು ಉತ್ತಮ ಸಾಧನೆ ಮಾಡಿ ರಾಷ್ಟ್ರಮಟ್ಟಕ್ಕೆ ಆಯ್ಕೆಯಾಗಿದ್ದಾರೆ. ವಿವಿಧ ವಯೋಮಾನದ ವಿಭಾಗಗಳಲ್ಲಿ ನಡೆದ ಸ್ಪರ್ಧೆಯಲ್ಲಿ ಪ್ರಥಮ ಸ್ಥಾನ ಪಡೆದು ರಾಷ್ಟ್ರಮಟ್ಟಕ್ಕೆ ಆಯ್ಕೆಯಾಗಿದ್ದಾರೆ. ಅಂತರರಾಷ್ಟ್ರೀಯ ಯೋಗ ದಿನಾಚರಣೆಯ ಅಂಗವಾಗಿ ಹಮ್ಮಿಕೊಂಡಿದ್ದ ಈ ಸ್ಪರ್ಧೆಯಲ್ಲಿ ರಾಜ್ಯದ ವಿವಿಧ ಜಿಲ್ಲೆಗಳಿಂದ ಸ್ಪರ್ಧಿಗಳು ಭಾಗವಹಿಸಿದ್ದರು. ಆಯ್ಕೆಯಾದ ವಿದ್ಯಾರ್ಥಿಗಳಿಗೆ ಕಾಲೇಜಿನ ಪ್ರಾಂಶುಪಾಲರು ಹಾಗೂ ಉಪನ್ಯಾಸಕ ವರ್ಗದವರು ಅಭಿನಂದನೆ ಸಲ್ಲಿಸಿದ್ದಾರೆ. ಸಾಂಪ್ರದಾಯಿಕ ಯೋಗ ಸ್ಪರ್ಧೆಯಲ್ಲಿ ಹಲವು ವಿದ್ಯಾರ್ಥಿಗಳು ಪದಕ ಪಡೆದಿದ್ದಾರೆ. ಸ್ಪರ್ಧೆಯಲ್ಲಿ ಅರ್ಪಿತ ದ್ವಿತೀಯ ಸ್ಥಾನ ಹಾಗೂ ಕುಮಾರ ತೃತೀಯ ಸ್ಥಾನವನ್ನು ಪಡೆದಿದ್ದಾರೆ.
ಸಿಮೆಂಟ್ ಉದ್ಯಮಕ್ಕೆ ಅದಾನಿ ಗ್ರೂಪ್ ಸ್ವಾಗತಾರ್ಹ
ಕರ್ನಾಟಕ:ಸಿಮೆಂಟ್ ತಯಾರಿಕಾ ಉದ್ಯಮವು ಹೆಚ್ಚು ಲಾಭದಾಯಕ ವಲಯವಾಗಿದ್ದು ಅದಾನಿ ಸಮೂಹ ಪ್ರವೇಶಿಸಿ ಎಸಿಸಿ ಸಿಮೆಂಟ್ ಉದ್ಯಮವನ್ನು ಖರೀದಿಸಿ ವಿಸ್ತರಣೆ ಮಾಡುತ್ತಿರುವುದು ಸ್ವಾಗತಾರ್ಹ. ರಾಜ್ಯದಲ್ಲಿ ಸಿಮೆಂಟ್ ಉತ್ಪಾದನೆ ಹೆಚ್ಚಿಸಲು ಹಾಗೂ ಉದ್ಯೋಗ ಸೃಷ್ಟಿಗೆ ಸಹಕಾರಿಯಾಗಲಿದೆ. ಗುಣಮಟ್ಟದ ಸಿಮೆಂಟ್ ಉತ್ಪಾದಿಸಿ ಗ್ರಾಹಕರಿಗೆ ಕಡಿಮೆ ದರದಲ್ಲಿ ನೀಡಲು ಅದಾನಿ ಸಮೂಹ ಮುಂದಾಗಿದೆ. ಅದಾನಿ ಗ್ರೂಪ್ ನ ವಿತರಕರು ಹಾಗೂ ಡೀಲರ್‌ಗಳ ಸಭೆಯಲ್ಲಿ ಸಂಸ್ಥೆಯ ಪದಾಧಿಕಾರಿಗಳು ಈ ವಿಷಯ ತಿಳಿಸಿದರು. ಸಿಮೆಂಟ್ ವಿತರಕರಿಗೆ ಹೆಚ್ಚಿನ ಪ್ರೋತ್ಸಾಹ ನೀಡಲಾಗುವುದು. ಸಂಸ್ಥೆಯ ಉತ್ಪನ್ನಗಳಿಗೆ ಮಾರುಕಟ್ಟೆಯಲ್ಲಿ ಉತ್ತಮ ಬೇಡಿಕೆ ಇದೆ ಎಂದರು.
ಭಾಗ್ಯ ಎಂದವರು ಅವರನ್ನು ಒಂದು ಕೆಜಿ ಅಕ್ಕಿ ಉಚಿತ ರೂ.20 ವರೆಗೆ ಸಂಪರ್ಕಿಸಬಹುದು. ಸಿಮೆಂಟ್ ಉತ್ಪಾದನೆಯಲ್ಲಿ ಅದಾನಿ ಸಮೂಹ ದೇಶದ ಎರಡನೇ ಅತಿದೊಡ್ಡ ಕಂಪನಿಯಾಗಿದೆ. ಪ್ರತಿ ವರ್ಷ ಉತ್ಪಾದನಾ ಸಾಮರ್ಥ್ಯ ಹೆಚ್ಚಿಸಲಾಗುತ್ತಿದೆ. ಅಂಬುಜಾ ಹಾಗೂ ಎಸಿಸಿ ಸಿಮೆಂಟ್ ಬ್ರಾಂಡ್‌ಗಳ ಮೂಲಕ ಗ್ರಾಹಕರನ್ನು ತಲುಪಲಾಗುತ್ತಿದೆ. ಗುತ್ತಿಗೆದಾರರು ಹಾಗೂ ಮೇಸ್ತ್ರಿಗಳಿಗೆ ವಿಶೇಷ ತರಬೇತಿ ಕಾರ್ಯಕ್ರಮ ನಡೆಸಲಾಗುತ್ತಿದೆ. ಪರಿಸರ ಸ್ನೇಹಿ ಉತ್ಪಾದನೆಗೆ ಸಂಸ್ಥೆ ಆದ್ಯತೆ ನೀಡುತ್ತಿದೆ ಎಂದು ತಿಳಿಸಿದರು. ಕಾರ್ಯಕ್ರಮದಲ್ಲಿ ವಿತರಕರನ್ನು ಸನ್ಮಾನಿಸಲಾಯಿತು.
ಪ್ರೋತ್ಸಾಹಿಸಲಾಯಿತು. ದಿನಾಚರಣೆಗೆ ಹಾಗೂ ಮಕ್ಕಳಿಗೆ ವಿವಿಧ ಕ್ರೀಡೆಗಳನ್ನು ಆಯೋಜಿಸುವ ಮೂಲಕ ಮನರಂಜನೆ ನೀಡಲಾಯಿತು. ಕೃಷ್ಣಪ್ಪ, ಭಾರತದ ತಾಂತ್ರಿಕ ತಜ್ಞರು ಹಾಗೂ ಸಂಸ್ಥೆಯ ಪ್ರತಿನಿಧಿಗಳು ಉಪಸ್ಥಿತರಿದ್ದರು. ಅದಾನಿ ಗ್ರೂಪ್ ನ ರಾಜ್ಯ ಮಾರಾಟ ವಿಭಾಗದ ಮುಖ್ಯಸ್ಥರು, ಡೀಲರ್‌ಗಳು ಹಾಗೂ ಕುಟುಂಬ ಸದಸ್ಯರು ಭಾಗವಹಿಸಿದ್ದರು. ಸಿಮೆಂಟ್ ಉದ್ಯಮದ ಬೆಳವಣಿಗೆಗೆ ಸರ್ಕಾರದ ಸಹಕಾರ ಅಗತ್ಯ ಎಂದು ತಿಳಿಸಿದರು.
IN THE COURT OF THE 5th ADDL CIVIL JUDGE AND JMFC AT TUMAKURU
C.Mis.No. 371/2025
Petitioners:1.Simpanna S/o late Chikkanna Aged about 62 years. Rat Dinnegollarahatty. I.D. Halli Hobali. Madhugiri Taluk. 2. Doddakka W/o Simpanna Aged about 58 years R/at Dinnegollarahatty, I.D. Halli Hobali, Madhugiri Taluk. 3. Mahalakshmamma D/o Simpanna W/o Chikkakariyapps Aged about 37 years4. Ramanjamma D.S. D/o Simpanna Aged about 33 years R/at Dinnegollarahatty, Petitioner No. 3 and 4 are R/at R/at Dinne Gollarahatti, I.D. Halli Hobali, Madhugiri Taluk, Tumakuru
V/s
Respondent:The City Corporation Registrar of Births and Deaths Tumakuru City.
DRAFT PAPER PUBLICATION
The Petitioner has filed the above said petition Under Section 13(3) of Registration of Birth and Death Act to obtain the Death Certificate of the son of the petitioners No. 1 and 2 brother of petitioner No. 3 and 4 by name "Suresh Kumar D.S. S/o Simpanna" was died on 28-12-2022 at Bharathi Nagar, Tumakuru,. If any body has any objection or right with respect to the above said fact and petition may file objection in the above said case by personally or by counsel. The case is posted on 30/4/21 at 11-00 a.m. otherwise the said matter will be disposed of accordance with law. Given under my hand and the seal of the court on this 18 day of June 2025 at Tumakuru,
Advocate for Petitioner K.N. Harish Advocate, TAPCMS building, Room No. 4 2nd floor, near D.C. Office, Tumakuru Mob: 9880631217
By order of the Court (Shirasthedar) Addl. Civil Judge and JM.F.C. at Tumakuru
ಸೋಲಾರ್ ಪಾರ್ಕ್‌ನಲ್ಲಿ
ವಿದ್ಯುತ್ ಅಘಾತ
ಪಾವಗಡ: ತಾಲ್ಲೂಕಿನ ನಾಗಲಮಡಿಕೆ ಹೋಬಳಿಯ ಇಂಟಿಗಾನಹಳ್ಳಿ ಗ್ರಾಮದ ಕೆ.ಎಸ್.ಸೋಲಾರ್ ಪಾರ್ಕ್‌ನಲ್ಲಿ ಮಂಗಳವಾರ ರಾತ್ರಿ ವಿದ್ಯುತ್ ರಿಪೇರಿ ಮಾಡುತ್ತಿದ್ದ ವೇಳೆ ವಿದ್ಯುತ್ ಶಾಕ್ ತಗುಲಿ ಯುವಕ ಸಾವನ್ನಪ್ಪಿರುವ ಘಟನೆ ನಡೆದಿದೆ. ಕೆ.ಎಸ್.ಸೋಲಾರ್ ಪಾರ್ಕ್‌ನಲ್ಲಿ ಕೆಲಸ ಮಾಡುತ್ತಿದ್ದ ಇಂಟಿಗಾನಹಳ್ಳಿ ಗ್ರಾಮದ ಮಹೇಂದ್ರ, ನಾಗೇಂದ್ರ (23), ಚೇತನ ಕುಮಾರ್ (18) ಮತ್ತು ಅನಂತಪುರ ಜಿಲ್ಲೆಯ ರಾಮಗಿರಿ ಮಂಡಲದ ಗ್ರಾಮದ ಮಹೇಂದ್ರ (26) ವಿದ್ಯುತ್ ತಂತಿ ಸರಿಪಡಿಸುವ ವೇಳೆ ವಿದ್ಯುತ್ ಸ್ಪರ್ಶಿಸಿದ್ದು ಈ ಘಟನೆಯಲ್ಲಿ ನಾಗೇಂದ್ರ ಅವರು ಮೃತಪಟ್ಟಿದ್ದು, ಉಳಿದವರು ಗಂಭೀರವಾಗಿ ಗಾಯಗೊಂಡಿದ್ದಾರೆ. ಗಾಯಾಳುಗಳನ್ನು ಚಿಕಿತ್ಸೆಗಾಗಿ ಆಸ್ಪತ್ರೆಗೆ ದಾಖಲಿಸಲಾಗಿದೆ. ನಾಗಲಮಡಿಕೆ ಪೊಲೀಸ್ ಠಾಣೆಯಲ್ಲಿ ಪ್ರಕರಣ ದಾಖಲಾಗಿದೆ ಎಂದು ಪೊಲೀಸರು ತಿಳಿಸಿದ್ದಾರೆ.
